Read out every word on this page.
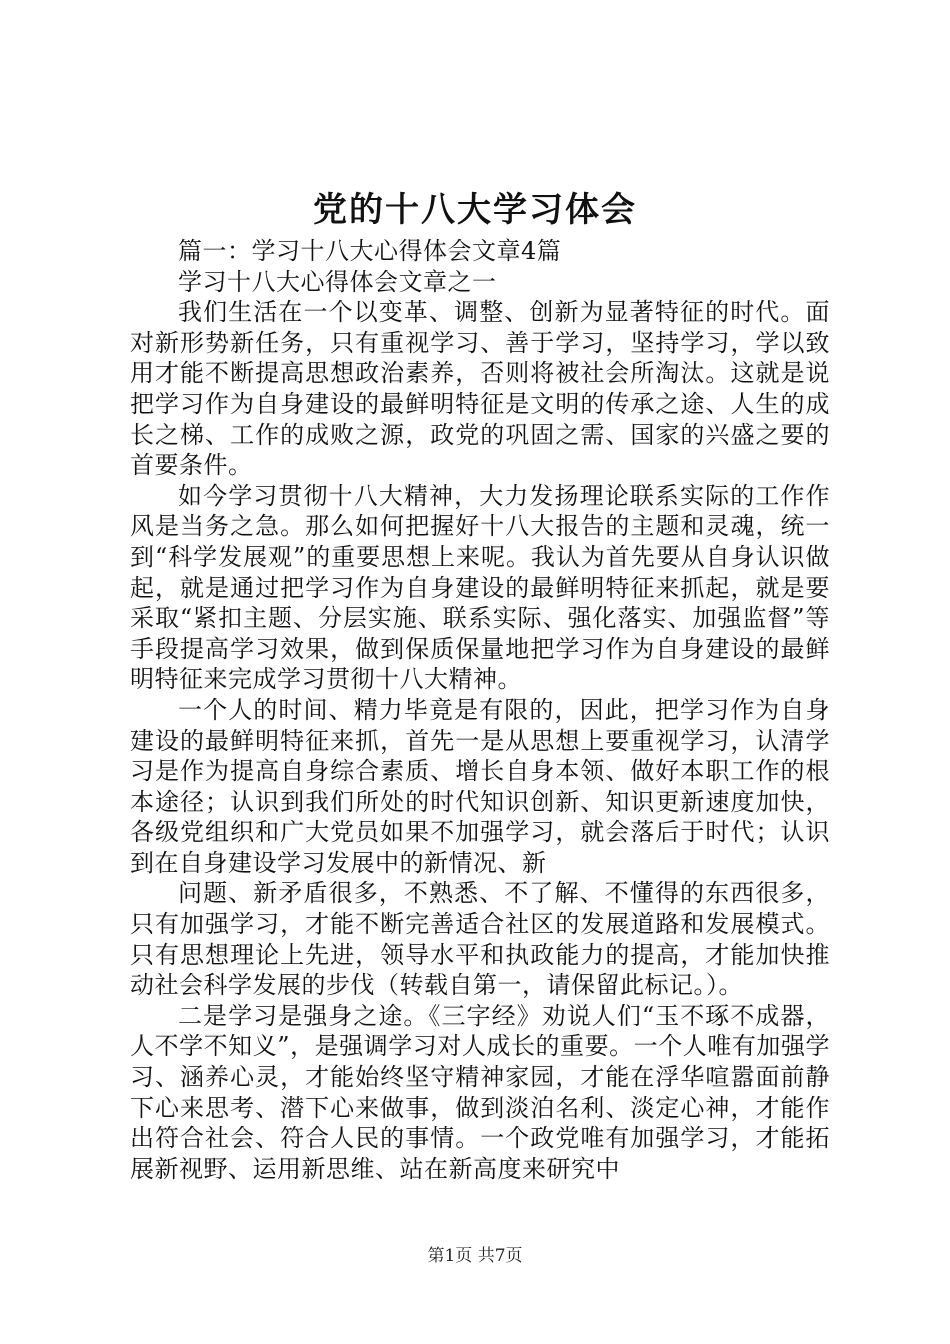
党的十八大学习体会
篇一：学习十八大心得体会文章4篇
学习十八大心得体会文章之一

我们生活在一个以变革、调整、创新为显著特征的时代。面对新形势新任务，只有重视学习、善于学习，坚持学习，学以致用才能不断提高思想政治素养，否则将被社会所淘汰。这就是说把学习作为自身建设的最鲜明特征是文明的传承之途、人生的成长之梯、工作的成败之源，政党的巩固之需、国家的兴盛之要的首要条件。

如今学习贯彻十八大精神，大力发扬理论联系实际的工作作风是当务之急。那么如何把握好十八大报告的主题和灵魂，统一到“科学发展观”的重要思想上来呢。我认为首先要从自身认识做起，就是通过把学习作为自身建设的最鲜明特征来抓起，就是要采取“紧扣主题、分层实施、联系实际、强化落实、加强监督”等手段提高学习效果，做到保质保量地把学习作为自身建设的最鲜明特征来完成学习贯彻十八大精神。

一个人的时间、精力毕竟是有限的，因此，把学习作为自身建设的最鲜明特征来抓，首先一是从思想上要重视学习，认清学习是作为提高自身综合素质、增长自身本领、做好本职工作的根本途径；认识到我们所处的时代知识创新、知识更新速度加快，各级党组织和广大党员如果不加强学习，就会落后于时代；认识到在自身建设学习发展中的新情况、新

问题、新矛盾很多，不熟悉、不了解、不懂得的东西很多，只有加强学习，才能不断完善适合社区的发展道路和发展模式。只有思想理论上先进，领导水平和执政能力的提高，才能加快推动社会科学发展的步伐（转载自第一，请保留此标记。）。

二是学习是强身之途。《三字经》劝说人们“玉不琢不成器，人不学不知义”，是强调学习对人成长的重要。一个人唯有加强学习、涵养心灵，才能始终坚守精神家园，才能在浮华喧嚣面前静下心来思考、潜下心来做事，做到淡泊名利、淡定心神，才能作出符合社会、符合人民的事情。一个政党唯有加强学习，才能拓展新视野、运用新思维、站在新高度来研究中

第1页 共7页
